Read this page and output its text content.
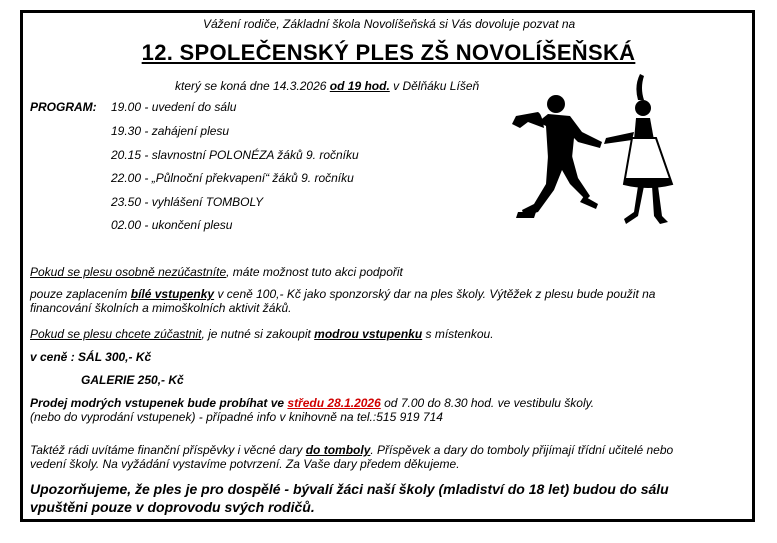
Vážení rodiče, Základní škola Novolíšeňská si Vás dovoluje pozvat na
12. SPOLEČENSKÝ PLES ZŠ NOVOLÍŠEŇSKÁ
který se koná dne 14.3.2026 od 19 hod. v Dělňáku Líšeň
PROGRAM: 19.00 - uvedení do sálu
19.30 - zahájení plesu
20.15 - slavnostní POLONÉZA žáků 9. ročníku
22.00 - „Půlnoční překvapení“ žáků 9. ročníku
23.50 - vyhlášení TOMBOLY
02.00 - ukončení plesu
Pokud se plesu osobně nezúčastníte, máte možnost tuto akci podpořit
pouze zaplacením bílé vstupenky v ceně 100,- Kč jako sponzorský dar na ples školy. Výtěžek z plesu bude použit na
financování školních a mimoškolních aktivit žáků.
Pokud se plesu chcete zúčastnit, je nutné si zakoupit modrou vstupenku s místenkou.
v ceně : SÁL 300,- Kč
GALERIE 250,- Kč
Prodej modrých vstupenek bude probíhat ve středu 28.1.2026 od 7.00 do 8.30 hod. ve vestibulu školy.
(nebo do vyprodání vstupenek) - případné info v knihovně na tel.:515 919 714
Taktéž rádi uvítáme finanční příspěvky i věcné dary do tomboly. Příspěvek a dary do tomboly přijímají třídní učitelé nebo
vedení školy. Na vyžádání vystavíme potvrzení. Za Vaše dary předem děkujeme.
Upozorňujeme, že ples je pro dospělé - bývalí žáci naší školy (mladiství do 18 let) budou do sálu
vpuštěni pouze v doprovodu svých rodičů.
